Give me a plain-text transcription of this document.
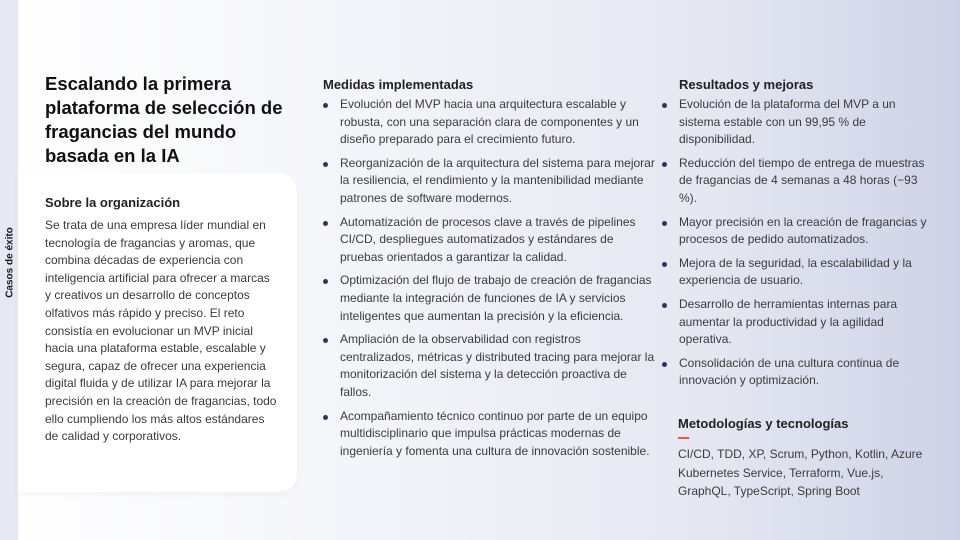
Casos de éxito
Escalando la primera plataforma de selección de fragancias del mundo basada en la IA
Sobre la organización

Se trata de una empresa líder mundial en tecnología de fragancias y aromas, que combina décadas de experiencia con inteligencia artificial para ofrecer a marcas y creativos un desarrollo de conceptos olfativos más rápido y preciso. El reto consistía en evolucionar un MVP inicial hacia una plataforma estable, escalable y segura, capaz de ofrecer una experiencia digital fluida y de utilizar IA para mejorar la precisión en la creación de fragancias, todo ello cumpliendo los más altos estándares de calidad y corporativos.

Medidas implementadas
Evolución del MVP hacia una arquitectura escalable y robusta, con una separación clara de componentes y un diseño preparado para el crecimiento futuro.
Reorganización de la arquitectura del sistema para mejorar la resiliencia, el rendimiento y la mantenibilidad mediante patrones de software modernos.
Automatización de procesos clave a través de pipelines CI/CD, despliegues automatizados y estándares de pruebas orientados a garantizar la calidad.
Optimización del flujo de trabajo de creación de fragancias mediante la integración de funciones de IA y servicios inteligentes que aumentan la precisión y la eficiencia.
Ampliación de la observabilidad con registros centralizados, métricas y distributed tracing para mejorar la monitorización del sistema y la detección proactiva de fallos.
Acompañamiento técnico continuo por parte de un equipo multidisciplinario que impulsa prácticas modernas de ingeniería y fomenta una cultura de innovación sostenible.
Resultados y mejoras
Evolución de la plataforma del MVP a un sistema estable con un 99,95 % de disponibilidad.
Reducción del tiempo de entrega de muestras de fragancias de 4 semanas a 48 horas (−93 %).
Mayor precisión en la creación de fragancias y procesos de pedido automatizados.
Mejora de la seguridad, la escalabilidad y la experiencia de usuario.
Desarrollo de herramientas internas para aumentar la productividad y la agilidad operativa.
Consolidación de una cultura continua de innovación y optimización.
Metodologías y tecnologías

CI/CD, TDD, XP, Scrum, Python, Kotlin, Azure Kubernetes Service, Terraform, Vue.js, GraphQL, TypeScript, Spring Boot
